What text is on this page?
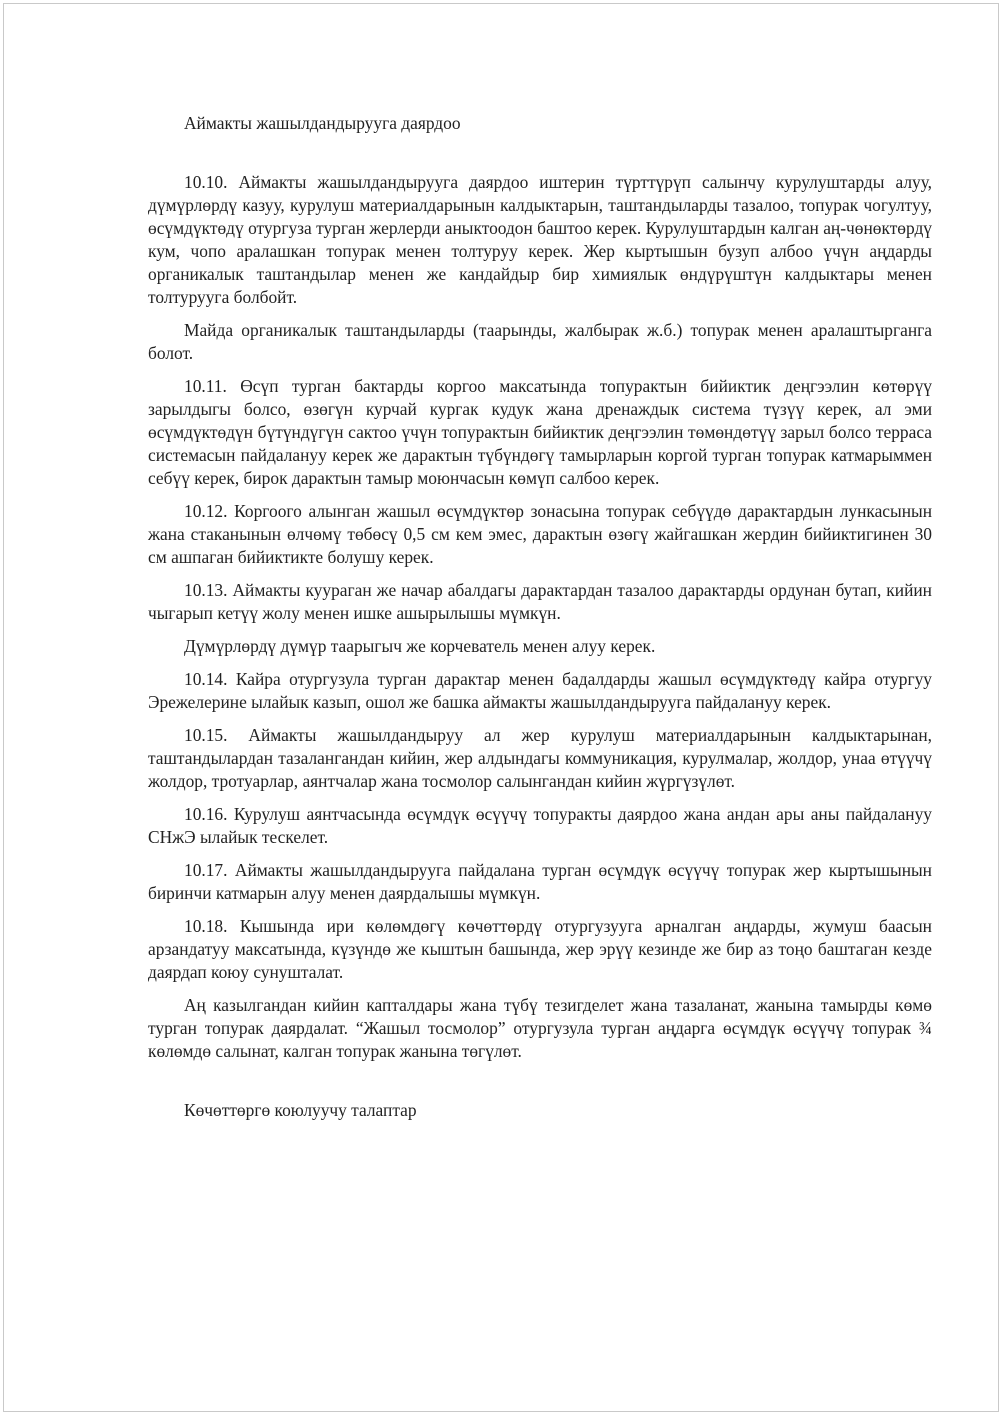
Аймакты жашылдандырууга даярдоо

10.10. Аймакты жашылдандырууга даярдоо иштерин түрттүрүп салынчу курулуштарды алуу, дүмүрлөрдү казуу, курулуш материалдарынын калдыктарын, таштандыларды тазалоо, топурак чогултуу, өсүмдүктөдү отургуза турган жерлерди аныктоодон баштоо керек. Курулуштардын калган аң-чөнөктөрдү кум, чопо аралашкан топурак менен толтуруу керек. Жер кыртышын бузуп албоо үчүн аңдарды органикалык таштандылар менен же кандайдыр бир химиялык өндүрүштүн калдыктары менен толтурууга болбойт.

Майда органикалык таштандыларды (таарынды, жалбырак ж.б.) топурак менен аралаштырганга болот.

10.11. Өсүп турган бактарды коргоо максатында топурактын бийиктик деңгээлин көтөрүү зарылдыгы болсо, өзөгүн курчай кургак кудук жана дренаждык система түзүү керек, ал эми өсүмдүктөдүн бүтүндүгүн сактоо үчүн топурактын бийиктик деңгээлин төмөндөтүү зарыл болсо терраса системасын пайдалануу керек же дарактын түбүндөгү тамырларын коргой турган топурак катмарыммен себүү керек, бирок дарактын тамыр моюнчасын көмүп салбоо керек.

10.12. Коргоого алынган жашыл өсүмдүктөр зонасына топурак себүүдө дарактардын лункасынын жана стаканынын өлчөмү төбөсү 0,5 см кем эмес, дарактын өзөгү жайгашкан жердин бийиктигинен 30 см ашпаган бийиктикте болушу керек.

10.13. Аймакты куураган же начар абалдагы дарактардан тазалоо дарактарды ордунан бутап, кийин чыгарып кетүү жолу менен ишке ашырылышы мүмкүн.

Дүмүрлөрдү дүмүр таарыгыч же корчеватель менен алуу керек.

10.14. Кайра отургузула турган дарактар менен бадалдарды жашыл өсүмдүктөдү кайра отургуу Эрежелерине ылайык казып, ошол же башка аймакты жашылдандырууга пайдалануу керек.

10.15. Аймакты жашылдандыруу ал жер курулуш материалдарынын калдыктарынан, таштандылардан тазалангандан кийин, жер алдындагы коммуникация, курулмалар, жолдор, унаа өтүүчү жолдор, тротуарлар, аянтчалар жана тосмолор салынгандан кийин жүргүзүлөт.

10.16. Курулуш аянтчасында өсүмдүк өсүүчү топуракты даярдоо жана андан ары аны пайдалануу СНжЭ ылайык тескелет.

10.17. Аймакты жашылдандырууга пайдалана турган өсүмдүк өсүүчү топурак жер кыртышынын биринчи катмарын алуу менен даярдалышы мүмкүн.

10.18. Кышында ири көлөмдөгү көчөттөрдү отургузууга арналган аңдарды, жумуш баасын арзандатуу максатында, күзүндө же кыштын башында, жер эрүү кезинде же бир аз тоңо баштаган кезде даярдап коюу сунушталат.

Аң казылгандан кийин капталдары жана түбү тезигделет жана тазаланат, жанына тамырды көмө турган топурак даярдалат. “Жашыл тосмолор” отургузула турган аңдарга өсүмдүк өсүүчү топурак ¾ көлөмдө салынат, калган топурак жанына төгүлөт.

Көчөттөргө коюлуучу талаптар
